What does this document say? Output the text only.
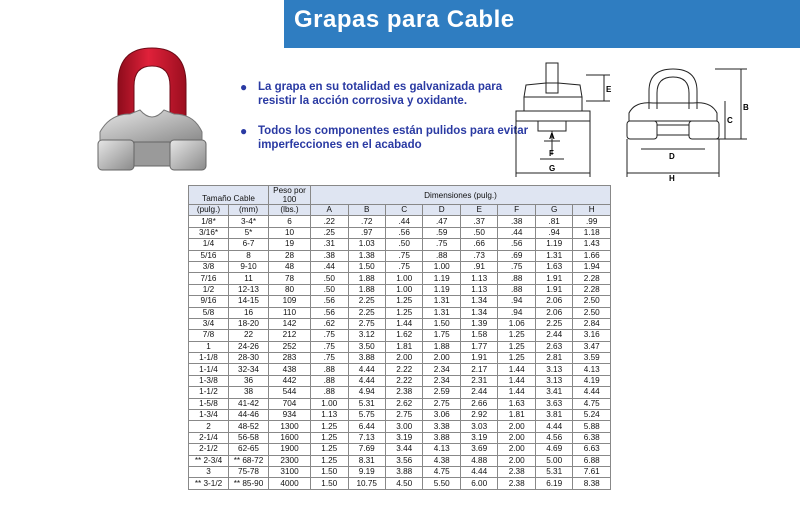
Grapas para Cable
● La grapa en su totalidad es galvanizada para resistir la acción corrosiva y oxidante.
● Todos los componentes están pulidos para evitar imperfecciones en el acabado
E
A
F
G
B
C
D
H
Tamaño Cable		Peso por 100	Dimensiones (pulg.)							

(pulg.)	(mm)	(lbs.)	A	B	C	D	E	F	G	H
1/8*	3-4*	6	.22	.72	.44	.47	.37	.38	.81	.99
3/16*	5*	10	.25	.97	.56	.59	.50	.44	.94	1.18
1/4	6-7	19	.31	1.03	.50	.75	.66	.56	1.19	1.43
5/16	8	28	.38	1.38	.75	.88	.73	.69	1.31	1.66
3/8	9-10	48	.44	1.50	.75	1.00	.91	.75	1.63	1.94
7/16	11	78	.50	1.88	1.00	1.19	1.13	.88	1.91	2.28
1/2	12-13	80	.50	1.88	1.00	1.19	1.13	.88	1.91	2.28
9/16	14-15	109	.56	2.25	1.25	1.31	1.34	.94	2.06	2.50
5/8	16	110	.56	2.25	1.25	1.31	1.34	.94	2.06	2.50
3/4	18-20	142	.62	2.75	1.44	1.50	1.39	1.06	2.25	2.84
7/8	22	212	.75	3.12	1.62	1.75	1.58	1.25	2.44	3.16
1	24-26	252	.75	3.50	1.81	1.88	1.77	1.25	2.63	3.47
1-1/8	28-30	283	.75	3.88	2.00	2.00	1.91	1.25	2.81	3.59
1-1/4	32-34	438	.88	4.44	2.22	2.34	2.17	1.44	3.13	4.13
1-3/8	36	442	.88	4.44	2.22	2.34	2.31	1.44	3.13	4.19
1-1/2	38	544	.88	4.94	2.38	2.59	2.44	1.44	3.41	4.44
1-5/8	41-42	704	1.00	5.31	2.62	2.75	2.66	1.63	3.63	4.75
1-3/4	44-46	934	1.13	5.75	2.75	3.06	2.92	1.81	3.81	5.24
2	48-52	1300	1.25	6.44	3.00	3.38	3.03	2.00	4.44	5.88
2-1/4	56-58	1600	1.25	7.13	3.19	3.88	3.19	2.00	4.56	6.38
2-1/2	62-65	1900	1.25	7.69	3.44	4.13	3.69	2.00	4.69	6.63
** 2-3/4	** 68-72	2300	1.25	8.31	3.56	4.38	4.88	2.00	5.00	6.88
3	75-78	3100	1.50	9.19	3.88	4.75	4.44	2.38	5.31	7.61
** 3-1/2	** 85-90	4000	1.50	10.75	4.50	5.50	6.00	2.38	6.19	8.38
